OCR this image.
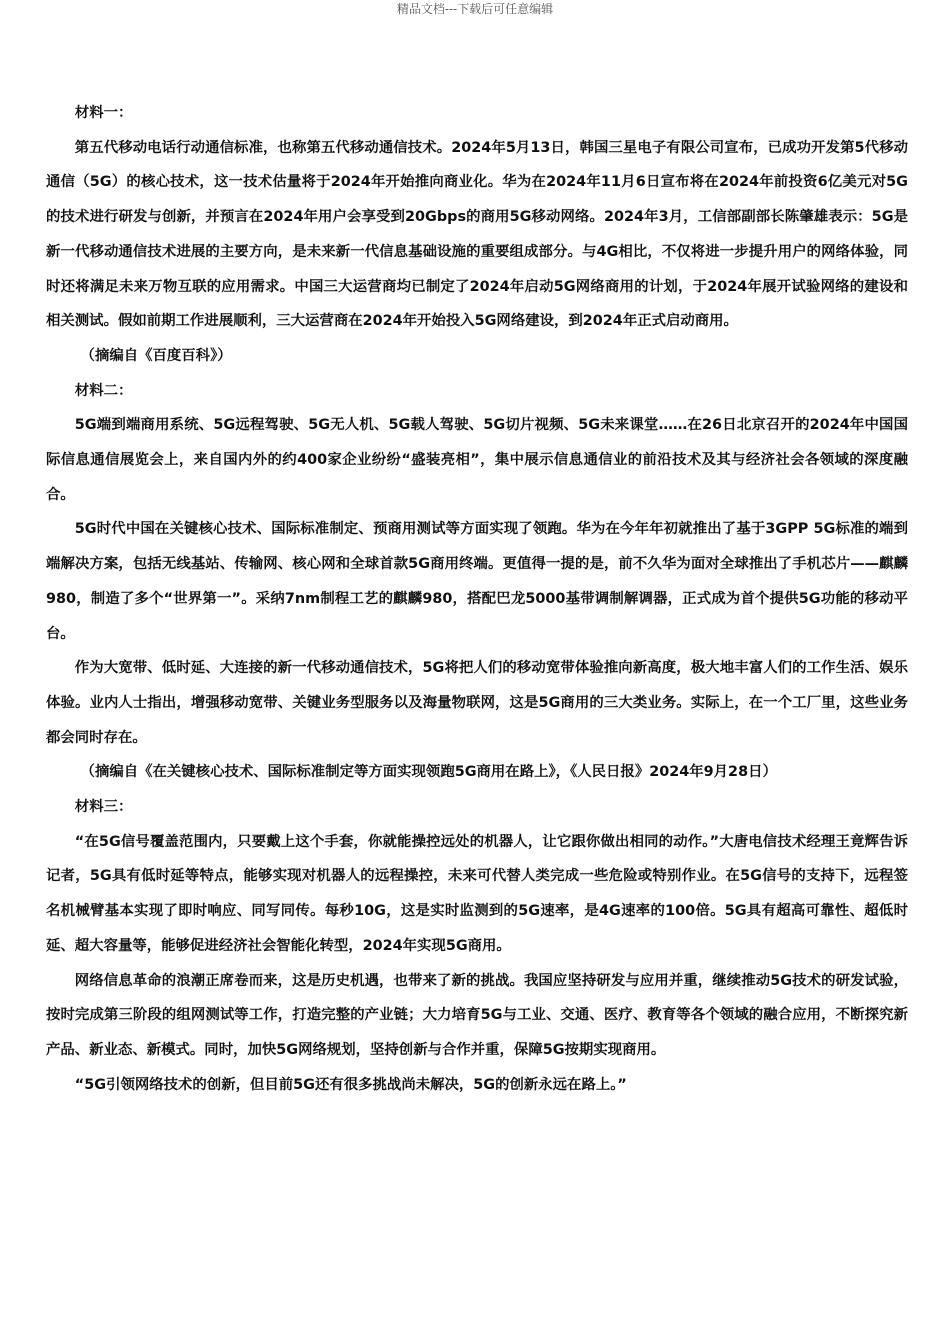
精品文档---下载后可任意编辑

材料一：

第五代移动电话行动通信标准，也称第五代移动通信技术。2024年5月13日，韩国三星电子有限公司宣布，已成功开发第5代移动通信（5G）的核心技术，这一技术估量将于2024年开始推向商业化。华为在2024年11月6日宣布将在2024年前投资6亿美元对5G的技术进行研发与创新，并预言在2024年用户会享受到20Gbps的商用5G移动网络。2024年3月，工信部副部长陈肇雄表示：5G是新一代移动通信技术进展的主要方向，是未来新一代信息基础设施的重要组成部分。与4G相比，不仅将进一步提升用户的网络体验，同时还将满足未来万物互联的应用需求。中国三大运营商均已制定了2024年启动5G网络商用的计划，于2024年展开试验网络的建设和相关测试。假如前期工作进展顺利，三大运营商在2024年开始投入5G网络建设，到2024年正式启动商用。

（摘编自《百度百科》）

材料二：

5G端到端商用系统、5G远程驾驶、5G无人机、5G载人驾驶、5G切片视频、5G未来课堂……在26日北京召开的2024年中国国际信息通信展览会上，来自国内外的约400家企业纷纷“盛装亮相”，集中展示信息通信业的前沿技术及其与经济社会各领域的深度融合。

5G时代中国在关键核心技术、国际标准制定、预商用测试等方面实现了领跑。华为在今年年初就推出了基于3GPP 5G标准的端到端解决方案，包括无线基站、传输网、核心网和全球首款5G商用终端。更值得一提的是，前不久华为面对全球推出了手机芯片——麒麟980，制造了多个“世界第一”。采纳7nm制程工艺的麒麟980，搭配巴龙5000基带调制解调器，正式成为首个提供5G功能的移动平台。

作为大宽带、低时延、大连接的新一代移动通信技术，5G将把人们的移动宽带体验推向新高度，极大地丰富人们的工作生活、娱乐体验。业内人士指出，增强移动宽带、关键业务型服务以及海量物联网，这是5G商用的三大类业务。实际上，在一个工厂里，这些业务都会同时存在。

（摘编自《在关键核心技术、国际标准制定等方面实现领跑5G商用在路上》，《人民日报》2024年9月28日）

材料三：

“在5G信号覆盖范围内，只要戴上这个手套，你就能操控远处的机器人，让它跟你做出相同的动作。”大唐电信技术经理王竟辉告诉记者，5G具有低时延等特点，能够实现对机器人的远程操控，未来可代替人类完成一些危险或特别作业。在5G信号的支持下，远程签名机械臂基本实现了即时响应、同写同传。每秒10G，这是实时监测到的5G速率，是4G速率的100倍。5G具有超高可靠性、超低时延、超大容量等，能够促进经济社会智能化转型，2024年实现5G商用。

网络信息革命的浪潮正席卷而来，这是历史机遇，也带来了新的挑战。我国应坚持研发与应用并重，继续推动5G技术的研发试验，按时完成第三阶段的组网测试等工作，打造完整的产业链；大力培育5G与工业、交通、医疗、教育等各个领域的融合应用，不断探究新产品、新业态、新模式。同时，加快5G网络规划，坚持创新与合作并重，保障5G按期实现商用。

“5G引领网络技术的创新，但目前5G还有很多挑战尚未解决，5G的创新永远在路上。”
